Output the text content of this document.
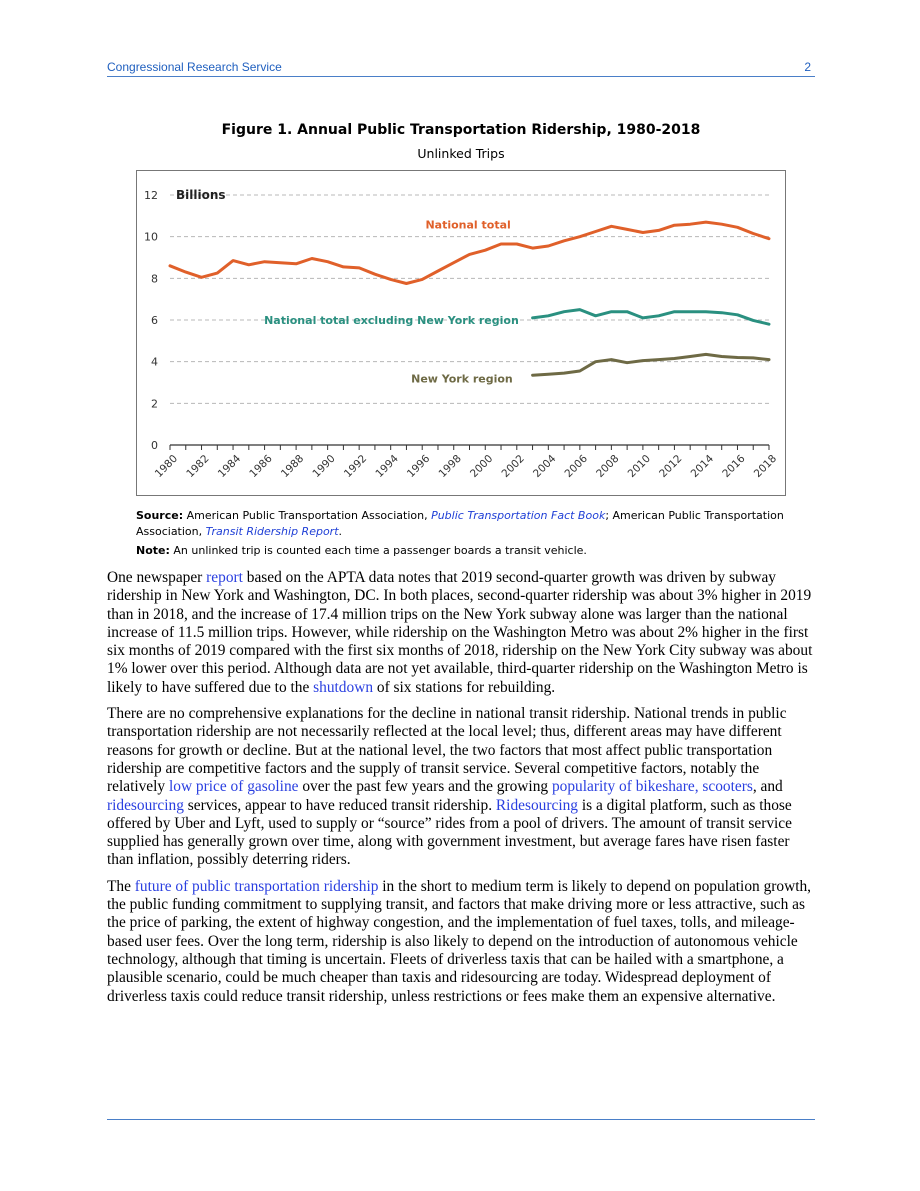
Congressional Research Service	2
Figure 1. Annual Public Transportation Ridership, 1980-2018
Unlinked Trips
0
2
4
6
8
10
12 Billions
1980 1982 1984 1986 1988 1990 1992 1994 1996 1998 2000 2002 2004 2006 2008 2010 2012 2014 2016 2018
National total
National total excluding New York region
New York region
Source: American Public Transportation Association, Public Transportation Fact Book; American Public Transportation Association, Transit Ridership Report.
Note: An unlinked trip is counted each time a passenger boards a transit vehicle.

One newspaper report based on the APTA data notes that 2019 second-quarter growth was driven by subway ridership in New York and Washington, DC. In both places, second-quarter ridership was about 3% higher in 2019 than in 2018, and the increase of 17.4 million trips on the New York subway alone was larger than the national increase of 11.5 million trips. However, while ridership on the Washington Metro was about 2% higher in the first six months of 2019 compared with the first six months of 2018, ridership on the New York City subway was about 1% lower over this period. Although data are not yet available, third-quarter ridership on the Washington Metro is likely to have suffered due to the shutdown of six stations for rebuilding.

There are no comprehensive explanations for the decline in national transit ridership. National trends in public transportation ridership are not necessarily reflected at the local level; thus, different areas may have different reasons for growth or decline. But at the national level, the two factors that most affect public transportation ridership are competitive factors and the supply of transit service. Several competitive factors, notably the relatively low price of gasoline over the past few years and the growing popularity of bikeshare, scooters, and ridesourcing services, appear to have reduced transit ridership. Ridesourcing is a digital platform, such as those offered by Uber and Lyft, used to supply or “source” rides from a pool of drivers. The amount of transit service supplied has generally grown over time, along with government investment, but average fares have risen faster than inflation, possibly deterring riders.

The future of public transportation ridership in the short to medium term is likely to depend on population growth, the public funding commitment to supplying transit, and factors that make driving more or less attractive, such as the price of parking, the extent of highway congestion, and the implementation of fuel taxes, tolls, and mileage-based user fees. Over the long term, ridership is also likely to depend on the introduction of autonomous vehicle technology, although that timing is uncertain. Fleets of driverless taxis that can be hailed with a smartphone, a plausible scenario, could be much cheaper than taxis and ridesourcing are today. Widespread deployment of driverless taxis could reduce transit ridership, unless restrictions or fees make them an expensive alternative.
